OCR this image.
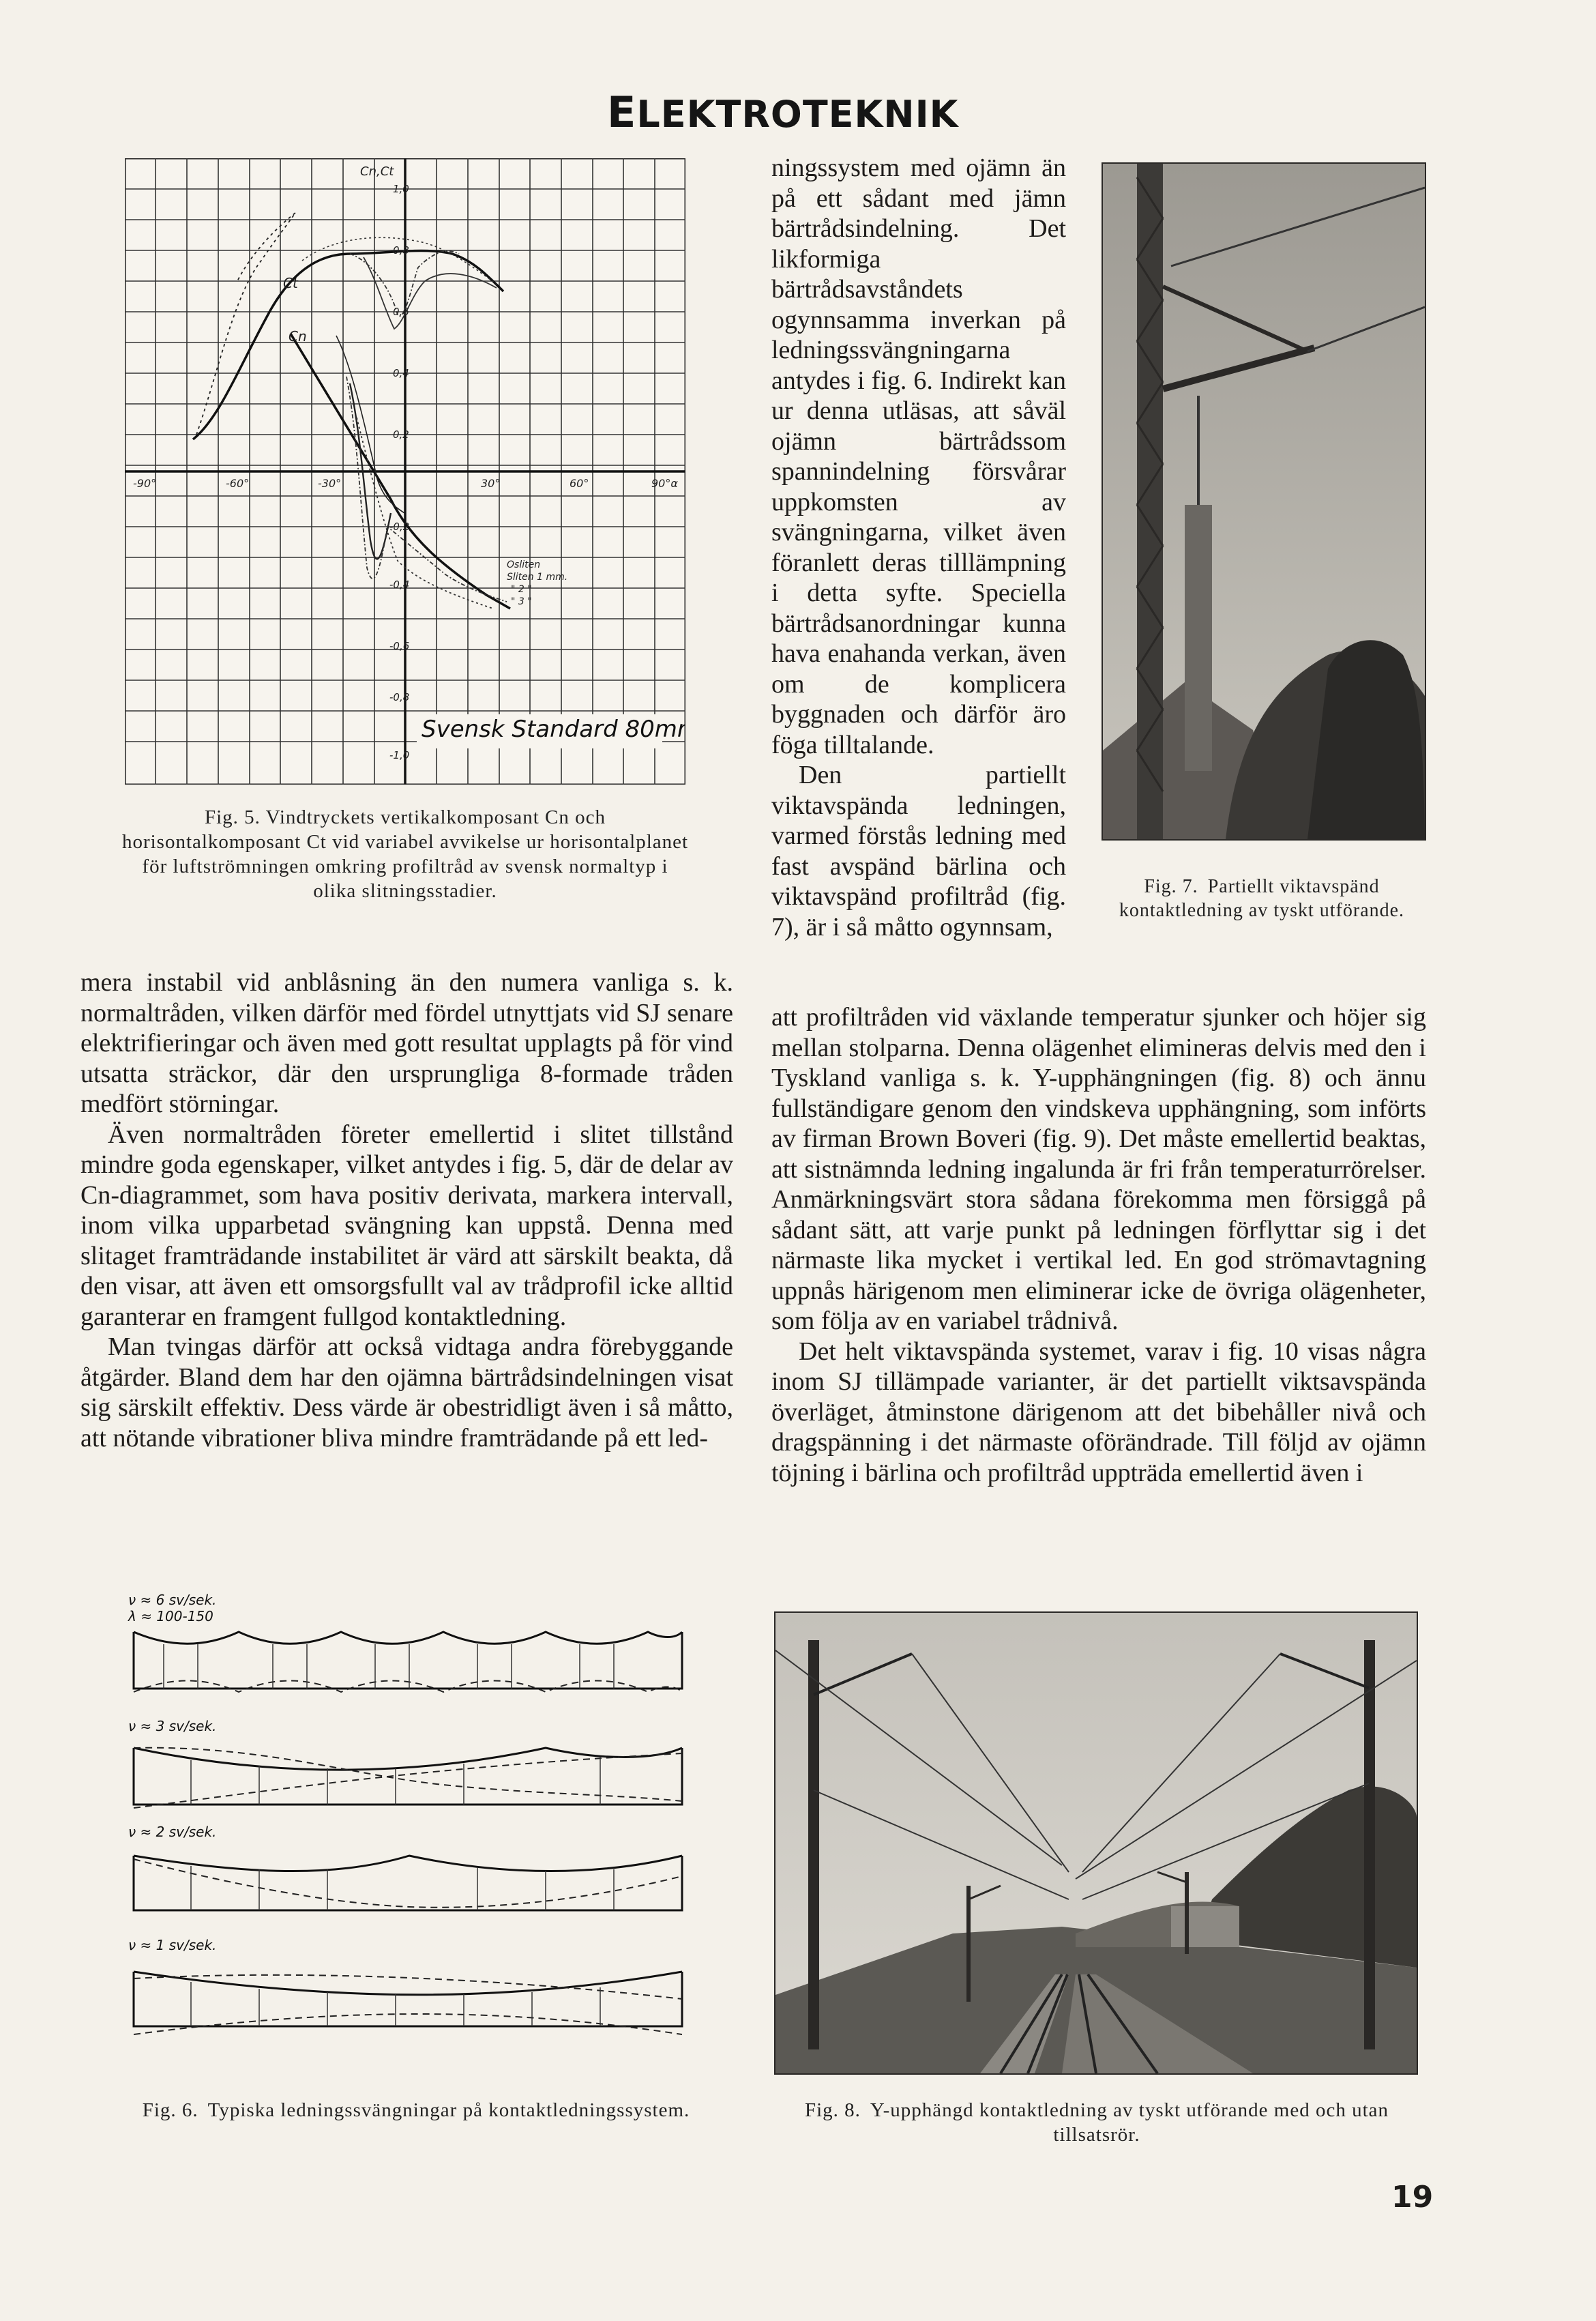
ELEKTROTEKNIK
Cn,Ct
1,0
0,8
0,6
0,4
0,2
-0,2
-0,4
-0,6
-0,8
-1,0
-90°	-60°	-30°	30°	60°	90°α
Ct
Cn
Osliten
Sliten 1 mm.
" 2 "
" 3 "
Svensk Standard 80mm²
Fig. 5. Vindtryckets vertikalkomposant Cn och horisontalkomposant Ct vid variabel avvikelse ur horisontalplanet för luftströmningen omkring profiltråd av svensk normaltyp i olika slitningsstadier.

mera instabil vid anblåsning än den numera vanliga s. k. normaltråden, vilken därför med fördel utnyttjats vid SJ senare elektrifieringar och även med gott resultat upplagts på för vind utsatta sträckor, där den ursprungliga 8-formade tråden medfört störningar.

Även normaltråden företer emellertid i slitet tillstånd mindre goda egenskaper, vilket antydes i fig. 5, där de delar av Cn-diagrammet, som hava positiv derivata, markera intervall, inom vilka upparbetad svängning kan uppstå. Denna med slitaget framträdande instabilitet är värd att särskilt beakta, då den visar, att även ett omsorgsfullt val av trådprofil icke alltid garanterar en framgent fullgod kontaktledning.

Man tvingas därför att också vidtaga andra förebyggande åtgärder. Bland dem har den ojämna bärtrådsindelningen visat sig särskilt effektiv. Dess värde är obestridligt även i så måtto, att nötande vibrationer bliva mindre framträdande på ett led-

ningssystem med ojämn än på ett sådant med jämn bärtrådsindelning. Det likformiga bärtrådsavståndets ogynnsamma inverkan på ledningssvängningarna antydes i fig. 6. Indirekt kan ur denna utläsas, att såväl ojämn bärtrådssom spannindelning försvårar uppkomsten av svängningarna, vilket även föranlett deras tilllämpning i detta syfte. Speciella bärtrådsanordningar kunna hava enahanda verkan, även om de komplicera byggnaden och därför äro föga tilltalande.

Den partiellt viktavspända ledningen, varmed förstås ledning med fast avspänd bärlina och viktavspänd profiltråd (fig. 7), är i så måtto ogynnsam,

Fig. 7. Partiellt viktavspänd kontaktledning av tyskt utförande.

att profiltråden vid växlande temperatur sjunker och höjer sig mellan stolparna. Denna olägenhet elimineras delvis med den i Tyskland vanliga s. k. Y-upphängningen (fig. 8) och ännu fullständigare genom den vindskeva upphängning, som införts av firman Brown Boveri (fig. 9). Det måste emellertid beaktas, att sistnämnda ledning ingalunda är fri från temperaturrörelser. Anmärkningsvärt stora sådana förekomma men försiggå på sådant sätt, att varje punkt på ledningen förflyttar sig i det närmaste lika mycket i vertikal led. En god strömavtagning uppnås härigenom men eliminerar icke de övriga olägenheter, som följa av en variabel trådnivå.

Det helt viktavspända systemet, varav i fig. 10 visas några inom SJ tillämpade varianter, är det partiellt viktsavspända överläget, åtminstone därigenom att det bibehåller nivå och dragspänning i det närmaste oförändrade. Till följd av ojämn töjning i bärlina och profiltråd uppträda emellertid även i

ν ≈ 6 sv/sek.
λ ≈ 100-150
ν ≈ 3 sv/sek.
ν ≈ 2 sv/sek.
ν ≈ 1 sv/sek.
Fig. 6. Typiska ledningssvängningar på kontaktledningssystem.	Fig. 8. Y-upphängd kontaktledning av tyskt utförande med och utan tillsatsrör.
19
